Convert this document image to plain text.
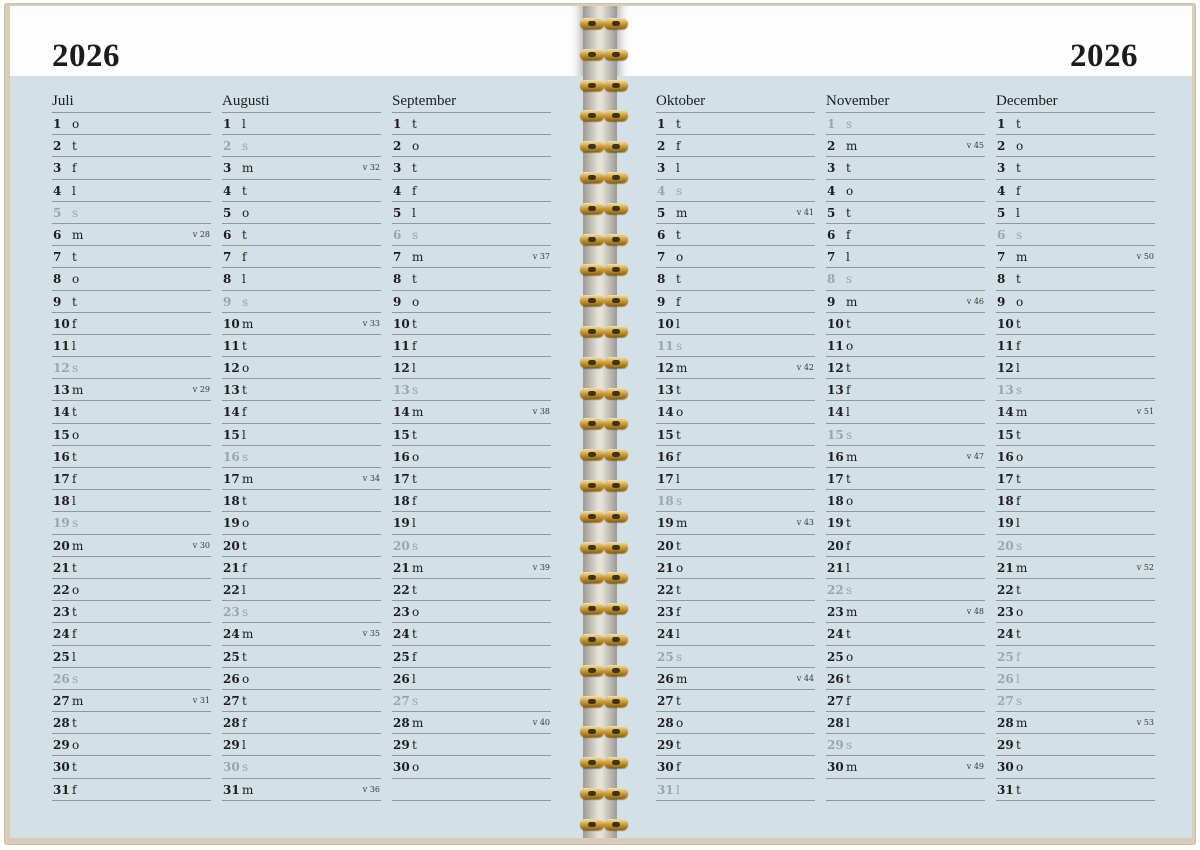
2026	2026
Juli
1 o
2 t
3 f
4 l
5 s
6 m	v 28
7 t
8 o
9 t
10 f
11 l
12 s
13 m	v 29
14 t
15 o
16 t
17 f
18 l
19 s
20 m	v 30
21 t
22 o
23 t
24 f
25 l
26 s
27 m	v 31
28 t
29 o
30 t
31 f
Augusti
1 l
2 s
3 m	v 32
4 t
5 o
6 t
7 f
8 l
9 s
10 m	v 33
11 t
12 o
13 t
14 f
15 l
16 s
17 m	v 34
18 t
19 o
20 t
21 f
22 l
23 s
24 m	v 35
25 t
26 o
27 t
28 f
29 l
30 s
31 m	v 36
September
1 t
2 o
3 t
4 f
5 l
6 s
7 m	v 37
8 t
9 o
10 t
11 f
12 l
13 s
14 m	v 38
15 t
16 o
17 t
18 f
19 l
20 s
21 m	v 39
22 t
23 o
24 t
25 f
26 l
27 s
28 m	v 40
29 t
30 o
Oktober
1 t
2 f
3 l
4 s
5 m	v 41
6 t
7 o
8 t
9 f
10 l
11 s
12 m	v 42
13 t
14 o
15 t
16 f
17 l
18 s
19 m	v 43
20 t
21 o
22 t
23 f
24 l
25 s
26 m	v 44
27 t
28 o
29 t
30 f
31 l
November
1 s
2 m	v 45
3 t
4 o
5 t
6 f
7 l
8 s
9 m	v 46
10 t
11 o
12 t
13 f
14 l
15 s
16 m	v 47
17 t
18 o
19 t
20 f
21 l
22 s
23 m	v 48
24 t
25 o
26 t
27 f
28 l
29 s
30 m	v 49
December
1 t
2 o
3 t
4 f
5 l
6 s
7 m	v 50
8 t
9 o
10 t
11 f
12 l
13 s
14 m	v 51
15 t
16 o
17 t
18 f
19 l
20 s
21 m	v 52
22 t
23 o
24 t
25 f
26 l
27 s
28 m	v 53
29 t
30 o
31 t
